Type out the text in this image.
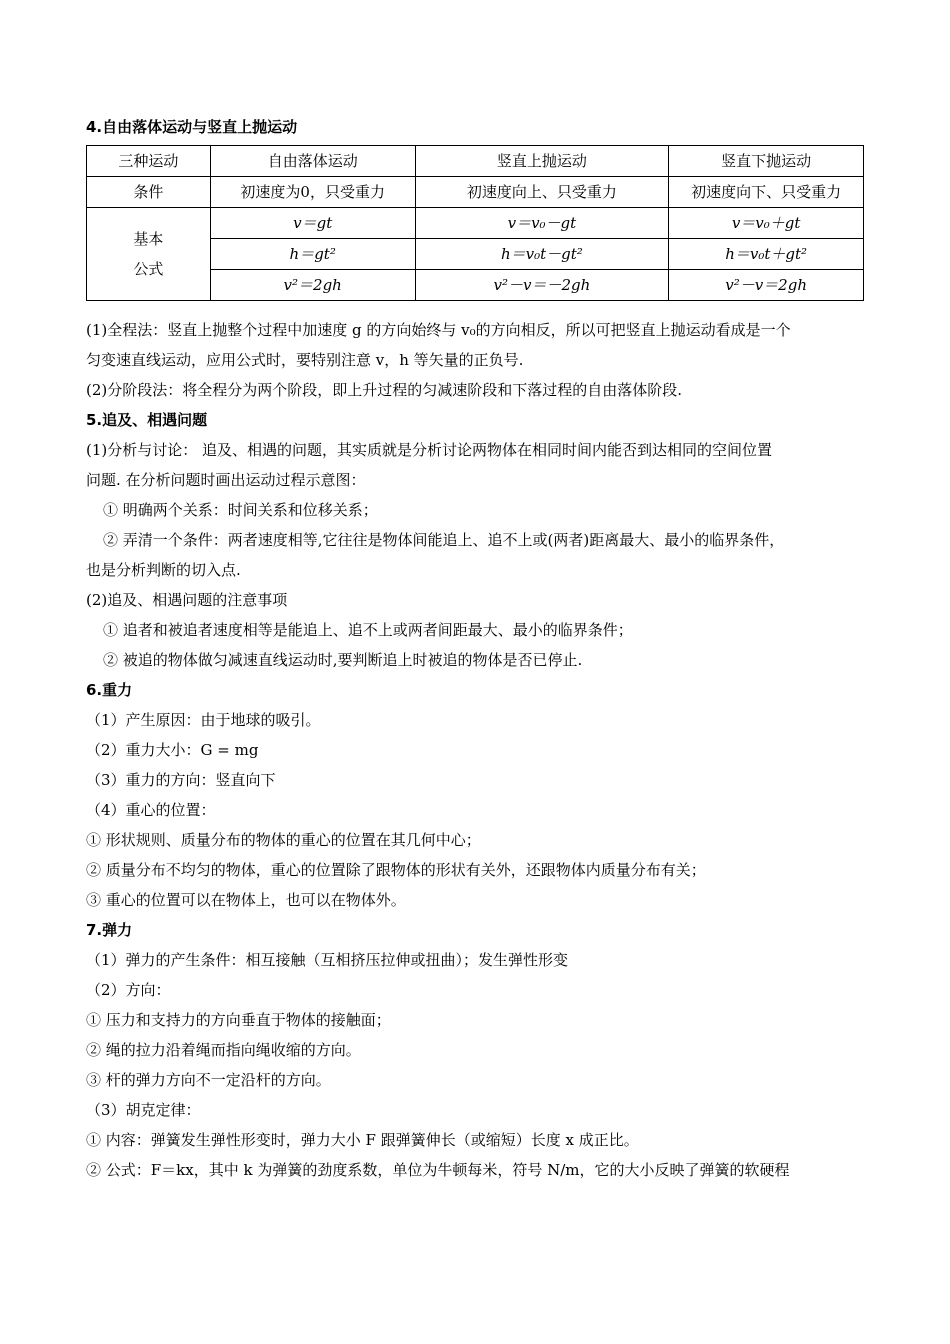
4.自由落体运动与竖直上抛运动
三种运动	自由落体运动	竖直上抛运动	竖直下抛运动
条件	初速度为0，只受重力	初速度向上、只受重力	初速度向下、只受重力

基本
公式	v＝gt	v＝v₀－gt	v＝v₀＋gt
	h＝gt²	h＝v₀t－gt²	h＝v₀t＋gt²
	v²＝2gh	v²－v＝－2gh	v²－v＝2gh

(1)全程法：竖直上抛整个过程中加速度 g 的方向始终与 v₀的方向相反，所以可把竖直上抛运动看成是一个

匀变速直线运动，应用公式时，要特别注意 v，h 等矢量的正负号.

(2)分阶段法：将全程分为两个阶段，即上升过程的匀减速阶段和下落过程的自由落体阶段.

5.追及、相遇问题

(1)分析与讨论： 追及、相遇的问题，其实质就是分析讨论两物体在相同时间内能否到达相同的空间位置

问题. 在分析问题时画出运动过程示意图：

① 明确两个关系：时间关系和位移关系；

② 弄清一个条件：两者速度相等,它往往是物体间能追上、追不上或(两者)距离最大、最小的临界条件，

也是分析判断的切入点.

(2)追及、相遇问题的注意事项

① 追者和被追者速度相等是能追上、追不上或两者间距最大、最小的临界条件；

② 被追的物体做匀减速直线运动时,要判断追上时被追的物体是否已停止.

6.重力

（1）产生原因：由于地球的吸引。

（2）重力大小：G = mg

（3）重力的方向：竖直向下

（4）重心的位置：

① 形状规则、质量分布的物体的重心的位置在其几何中心；

② 质量分布不均匀的物体，重心的位置除了跟物体的形状有关外，还跟物体内质量分布有关；

③ 重心的位置可以在物体上，也可以在物体外。

7.弹力

（1）弹力的产生条件：相互接触（互相挤压拉伸或扭曲）；发生弹性形变

（2）方向：

① 压力和支持力的方向垂直于物体的接触面；

② 绳的拉力沿着绳而指向绳收缩的方向。

③ 杆的弹力方向不一定沿杆的方向。

（3）胡克定律：

① 内容：弹簧发生弹性形变时，弹力大小 F 跟弹簧伸长（或缩短）长度 x 成正比。

② 公式：F＝kx，其中 k 为弹簧的劲度系数，单位为牛顿每米，符号 N/m，它的大小反映了弹簧的软硬程
